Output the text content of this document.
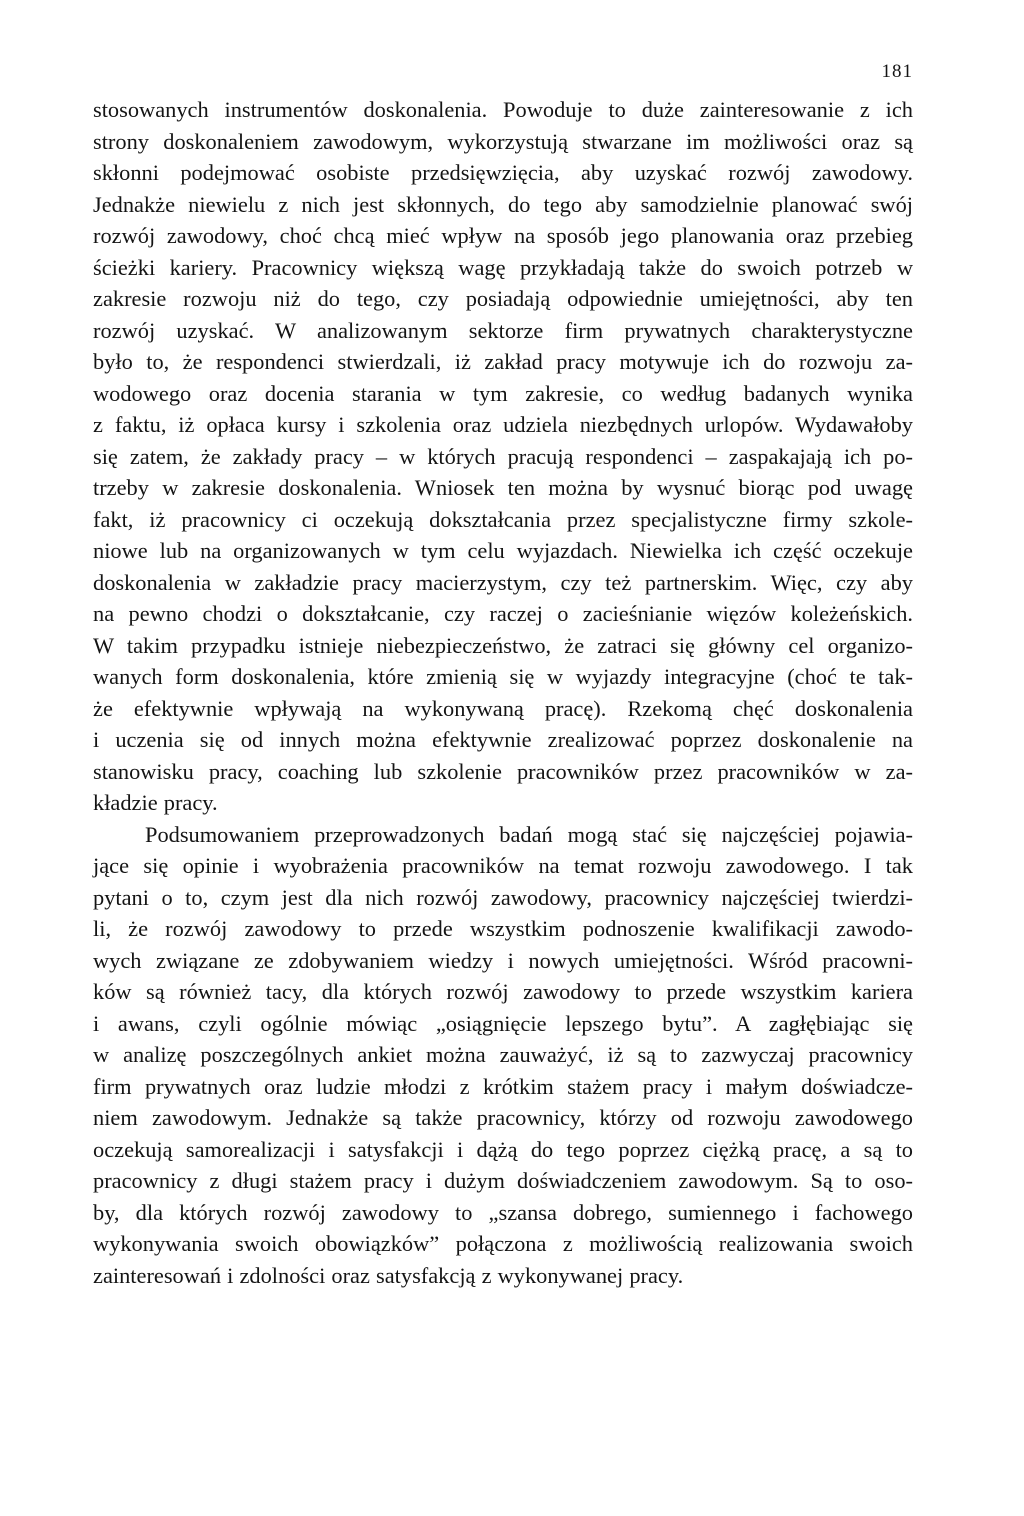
181
stosowanych instrumentów doskonalenia. Powoduje to duże zainteresowanie z ich
strony doskonaleniem zawodowym, wykorzystują stwarzane im możliwości oraz są
skłonni podejmować osobiste przedsięwzięcia, aby uzyskać rozwój zawodowy.
Jednakże niewielu z nich jest skłonnych, do tego aby samodzielnie planować swój
rozwój zawodowy, choć chcą mieć wpływ na sposób jego planowania oraz przebieg
ścieżki kariery. Pracownicy większą wagę przykładają także do swoich potrzeb w
zakresie rozwoju niż do tego, czy posiadają odpowiednie umiejętności, aby ten
rozwój uzyskać. W analizowanym sektorze firm prywatnych charakterystyczne
było to, że respondenci stwierdzali, iż zakład pracy motywuje ich do rozwoju za-
wodowego oraz docenia starania w tym zakresie, co według badanych wynika
z faktu, iż opłaca kursy i szkolenia oraz udziela niezbędnych urlopów. Wydawałoby
się zatem, że zakłady pracy – w których pracują respondenci – zaspakajają ich po-
trzeby w zakresie doskonalenia. Wniosek ten można by wysnuć biorąc pod uwagę
fakt, iż pracownicy ci oczekują dokształcania przez specjalistyczne firmy szkole-
niowe lub na organizowanych w tym celu wyjazdach. Niewielka ich część oczekuje
doskonalenia w zakładzie pracy macierzystym, czy też partnerskim. Więc, czy aby
na pewno chodzi o dokształcanie, czy raczej o zacieśnianie więzów koleżeńskich.
W takim przypadku istnieje niebezpieczeństwo, że zatraci się główny cel organizo-
wanych form doskonalenia, które zmienią się w wyjazdy integracyjne (choć te tak-
że efektywnie wpływają na wykonywaną pracę). Rzekomą chęć doskonalenia
i uczenia się od innych można efektywnie zrealizować poprzez doskonalenie na
stanowisku pracy, coaching lub szkolenie pracowników przez pracowników w za-
kładzie pracy.
Podsumowaniem przeprowadzonych badań mogą stać się najczęściej pojawia-
jące się opinie i wyobrażenia pracowników na temat rozwoju zawodowego. I tak
pytani o to, czym jest dla nich rozwój zawodowy, pracownicy najczęściej twierdzi-
li, że rozwój zawodowy to przede wszystkim podnoszenie kwalifikacji zawodo-
wych związane ze zdobywaniem wiedzy i nowych umiejętności. Wśród pracowni-
ków są również tacy, dla których rozwój zawodowy to przede wszystkim kariera
i awans, czyli ogólnie mówiąc „osiągnięcie lepszego bytu”. A zagłębiając się
w analizę poszczególnych ankiet można zauważyć, iż są to zazwyczaj pracownicy
firm prywatnych oraz ludzie młodzi z krótkim stażem pracy i małym doświadcze-
niem zawodowym. Jednakże są także pracownicy, którzy od rozwoju zawodowego
oczekują samorealizacji i satysfakcji i dążą do tego poprzez ciężką pracę, a są to
pracownicy z długi stażem pracy i dużym doświadczeniem zawodowym. Są to oso-
by, dla których rozwój zawodowy to „szansa dobrego, sumiennego i fachowego
wykonywania swoich obowiązków” połączona z możliwością realizowania swoich
zainteresowań i zdolności oraz satysfakcją z wykonywanej pracy.
